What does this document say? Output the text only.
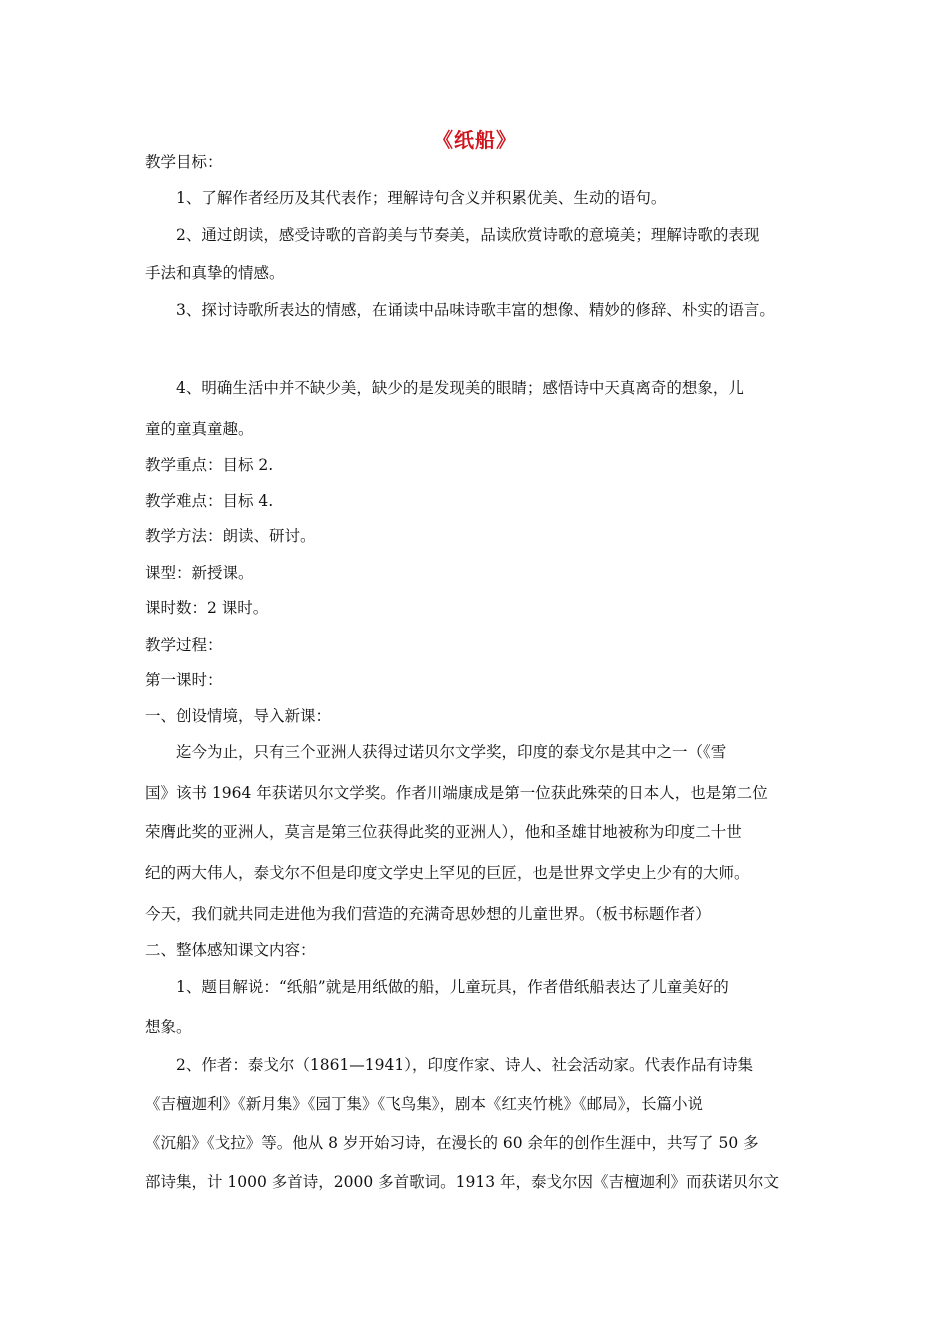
《纸船》
教学目标：
1、了解作者经历及其代表作；理解诗句含义并积累优美、生动的语句。
2、通过朗读，感受诗歌的音韵美与节奏美，品读欣赏诗歌的意境美；理解诗歌的表现
手法和真挚的情感。
3、探讨诗歌所表达的情感，在诵读中品味诗歌丰富的想像、精妙的修辞、朴实的语言。
4、明确生活中并不缺少美，缺少的是发现美的眼睛；感悟诗中天真离奇的想象，儿
童的童真童趣。
教学重点：目标 2.
教学难点：目标 4.
教学方法：朗读、研讨。
课型：新授课。
课时数：2 课时。
教学过程：
第一课时：
一、创设情境，导入新课：
迄今为止，只有三个亚洲人获得过诺贝尔文学奖，印度的泰戈尔是其中之一（《雪
国》该书 1964 年获诺贝尔文学奖。作者川端康成是第一位获此殊荣的日本人，也是第二位
荣膺此奖的亚洲人，莫言是第三位获得此奖的亚洲人），他和圣雄甘地被称为印度二十世
纪的两大伟人，泰戈尔不但是印度文学史上罕见的巨匠，也是世界文学史上少有的大师。
今天，我们就共同走进他为我们营造的充满奇思妙想的儿童世界。（板书标题作者）
二、整体感知课文内容：
1、题目解说：“纸船”就是用纸做的船，儿童玩具，作者借纸船表达了儿童美好的
想象。
2、作者：泰戈尔（1861—1941），印度作家、诗人、社会活动家。代表作品有诗集
《吉檀迦利》《新月集》《园丁集》《飞鸟集》，剧本《红夹竹桃》《邮局》，长篇小说
《沉船》《戈拉》等。他从 8 岁开始习诗，在漫长的 60 余年的创作生涯中，共写了 50 多
部诗集，计 1000 多首诗，2000 多首歌词。1913 年，泰戈尔因《吉檀迦利》而获诺贝尔文
